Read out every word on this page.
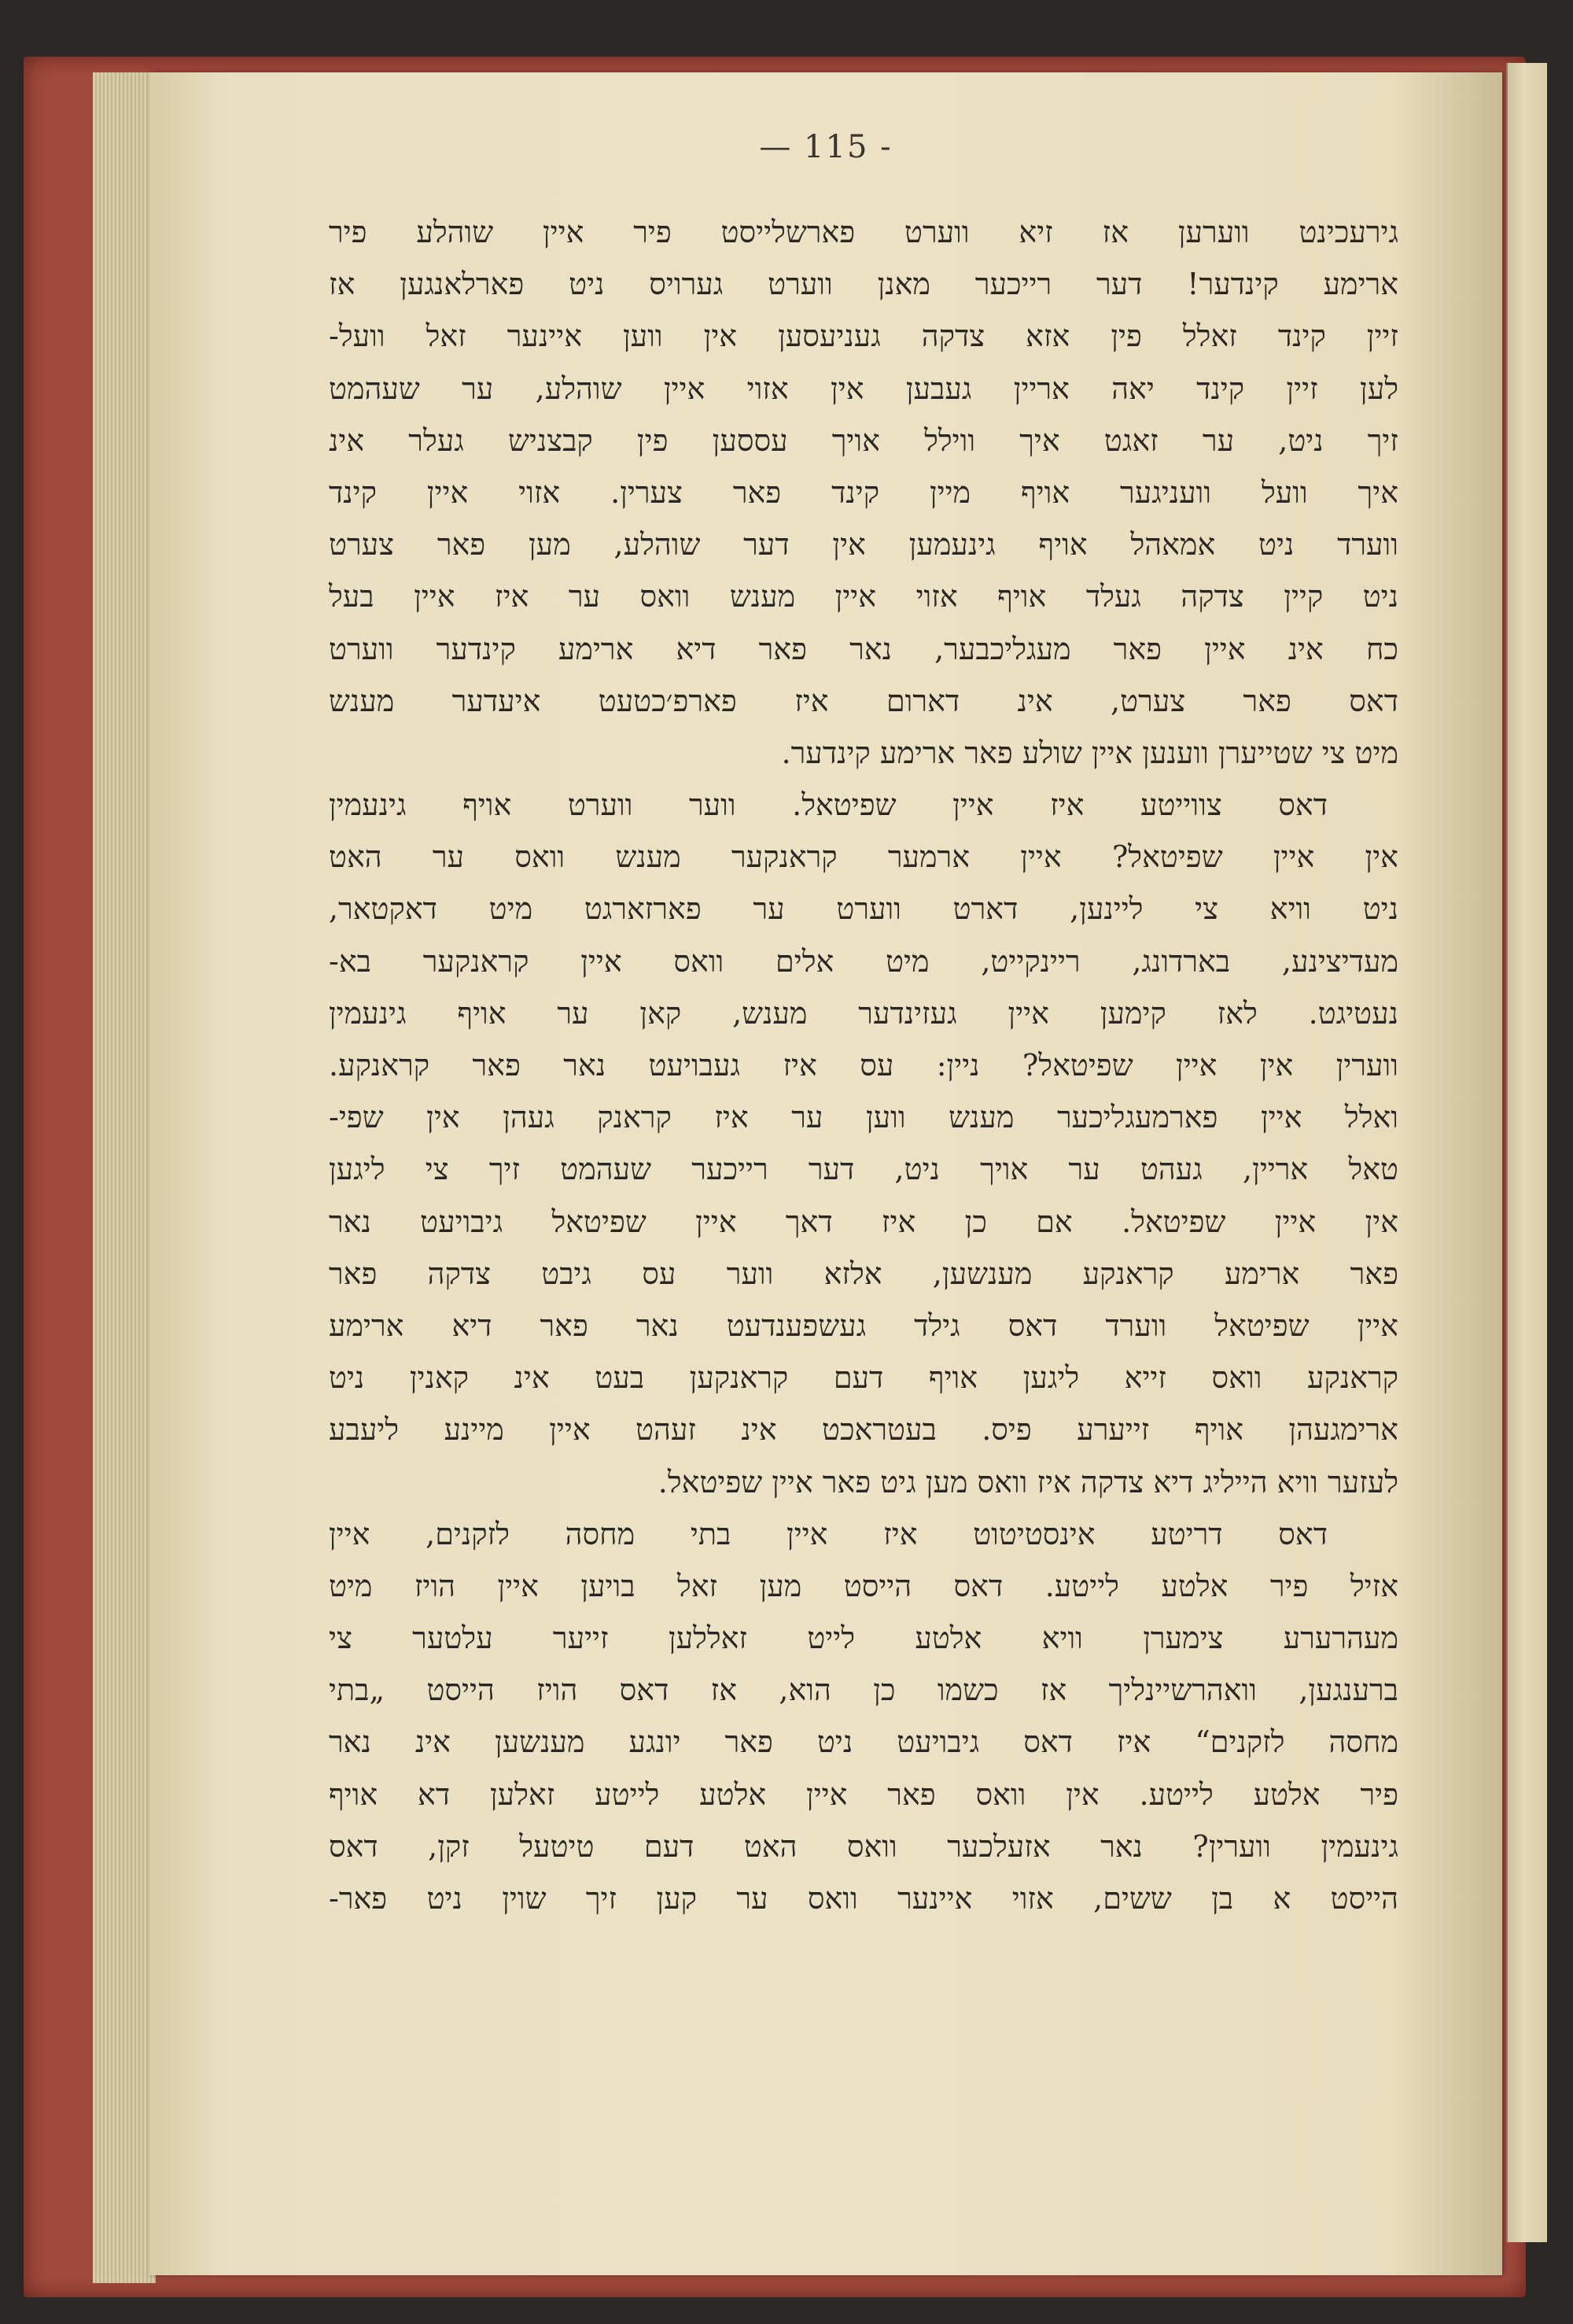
— 115 -
גירעכינט ווערען אז זיא ווערט פארשלייסט פיר איין שוהלע פיר
ארימע קינדער! דער רייכער מאנן ווערט גערויס ניט פארלאנגען אז
זיין קינד זאלל פין אזא צדקה געניעסען אין ווען איינער זאל וועל-
לען זיין קינד יאה אריין געבען אין אזוי איין שוהלע, ער שעהמט
זיך ניט, ער זאגט איך ווילל אויך עססען פין קבצניש געלר אינ
איך וועל וועניגער אויף מיין קינד פאר צערין. אזוי איין קינד
ווערד ניט אמאהל אויף גינעמען אין דער שוהלע, מען פאר צערט
ניט קיין צדקה געלד אויף אזוי איין מענש וואס ער איז איין בעל
כח אינ איין פאר מעגליכבער, נאר פאר דיא ארימע קינדער ווערט
דאס פאר צערט, אינ דארום איז פארפ׳כטעט איעדער מענש
מיט צי שטייערן ווענען איין שולע פאר ארימע קינדער.
דאס צווייטע איז איין שפיטאל. ווער ווערט אויף גינעמין
אין איין שפיטאל? איין ארמער קראנקער מענש וואס ער האט
ניט וויא צי ליינען, דארט ווערט ער פארזארגט מיט דאקטאר,
מעדיצינע, בארדונג, ריינקייט, מיט אלים וואס איין קראנקער בא-
נעטיגט. לאז קימען איין געזינדער מענש, קאן ער אויף גינעמין
ווערין אין איין שפיטאל? ניין: עס איז געבויעט נאר פאר קראנקע.
ואלל איין פארמעגליכער מענש ווען ער איז קראנק געהן אין שפי-
טאל אריין, געהט ער אויך ניט, דער רייכער שעהמט זיך צי ליגען
אין איין שפיטאל. אם כן איז דאך איין שפיטאל גיבויעט נאר
פאר ארימע קראנקע מענשען, אלזא ווער עס גיבט צדקה פאר
איין שפיטאל ווערד דאס גילד געשפענדעט נאר פאר דיא ארימע
קראנקע וואס זייא ליגען אויף דעם קראנקען בעט אינ קאנין ניט
ארימגעהן אויף זייערע פיס. בעטראכט אינ זעהט איין מיינע ליעבע
לעזער וויא הייליג דיא צדקה איז וואס מען גיט פאר איין שפיטאל.
דאס דריטע אינסטיטוט איז איין בתי מחסה לזקנים, איין
אזיל פיר אלטע לייטע. דאס הייסט מען זאל בויען איין הויז מיט
מעהרערע צימערן וויא אלטע לייט זאללען זייער עלטער צי
ברענגען, וואהרשיינליך אז כשמו כן הוא, אז דאס הויז הייסט „בתי
מחסה לזקנים“ איז דאס גיבויעט ניט פאר יונגע מענשען אינ נאר
פיר אלטע לייטע. אין וואס פאר איין אלטע לייטע זאלען דא אויף
גינעמין ווערין? נאר אזעלכער וואס האט דעם טיטעל זקן, דאס
הייסט א בן ששים, אזוי איינער וואס ער קען זיך שוין ניט פאר-
